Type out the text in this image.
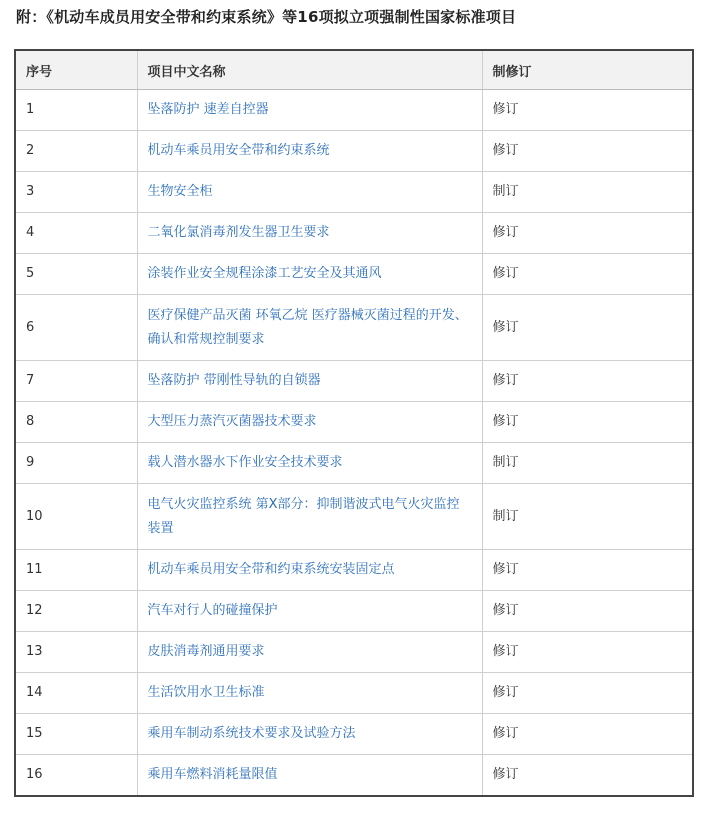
附：《机动车成员用安全带和约束系统》等16项拟立项强制性国家标准项目
序号	项目中文名称	制修订
1	坠落防护 速差自控器	修订
2	机动车乘员用安全带和约束系统	修订
3	生物安全柜	制订
4	二氧化氯消毒剂发生器卫生要求	修订
5	涂装作业安全规程涂漆工艺安全及其通风	修订
6	医疗保健产品灭菌 环氧乙烷 医疗器械灭菌过程的开发、确认和常规控制要求	修订
7	坠落防护 带刚性导轨的自锁器	修订
8	大型压力蒸汽灭菌器技术要求	修订
9	载人潜水器水下作业安全技术要求	制订
10	电气火灾监控系统 第X部分：抑制谐波式电气火灾监控装置	制订
11	机动车乘员用安全带和约束系统安装固定点	修订
12	汽车对行人的碰撞保护	修订
13	皮肤消毒剂通用要求	修订
14	生活饮用水卫生标准	修订
15	乘用车制动系统技术要求及试验方法	修订
16	乘用车燃料消耗量限值	修订
